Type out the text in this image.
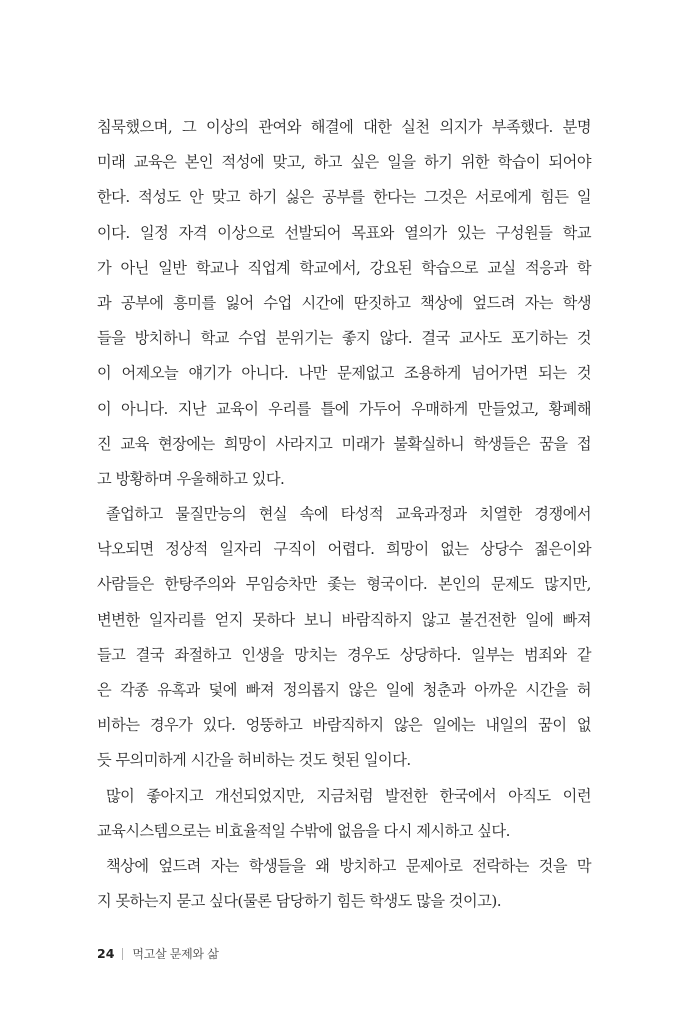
침묵했으며, 그 이상의 관여와 해결에 대한 실천 의지가 부족했다. 분명
미래 교육은 본인 적성에 맞고, 하고 싶은 일을 하기 위한 학습이 되어야
한다. 적성도 안 맞고 하기 싫은 공부를 한다는 그것은 서로에게 힘든 일
이다. 일정 자격 이상으로 선발되어 목표와 열의가 있는 구성원들 학교
가 아닌 일반 학교나 직업계 학교에서, 강요된 학습으로 교실 적응과 학
과 공부에 흥미를 잃어 수업 시간에 딴짓하고 책상에 엎드려 자는 학생
들을 방치하니 학교 수업 분위기는 좋지 않다. 결국 교사도 포기하는 것
이 어제오늘 얘기가 아니다. 나만 문제없고 조용하게 넘어가면 되는 것
이 아니다. 지난 교육이 우리를 틀에 가두어 우매하게 만들었고, 황폐해
진 교육 현장에는 희망이 사라지고 미래가 불확실하니 학생들은 꿈을 접
고 방황하며 우울해하고 있다.
졸업하고 물질만능의 현실 속에 타성적 교육과정과 치열한 경쟁에서
낙오되면 정상적 일자리 구직이 어렵다. 희망이 없는 상당수 젊은이와
사람들은 한탕주의와 무임승차만 좇는 형국이다. 본인의 문제도 많지만,
변변한 일자리를 얻지 못하다 보니 바람직하지 않고 불건전한 일에 빠져
들고 결국 좌절하고 인생을 망치는 경우도 상당하다. 일부는 범죄와 같
은 각종 유혹과 덫에 빠져 정의롭지 않은 일에 청춘과 아까운 시간을 허
비하는 경우가 있다. 엉뚱하고 바람직하지 않은 일에는 내일의 꿈이 없
듯 무의미하게 시간을 허비하는 것도 헛된 일이다.
많이 좋아지고 개선되었지만, 지금처럼 발전한 한국에서 아직도 이런
교육시스템으로는 비효율적일 수밖에 없음을 다시 제시하고 싶다.
책상에 엎드려 자는 학생들을 왜 방치하고 문제아로 전락하는 것을 막
지 못하는지 묻고 싶다(물론 담당하기 힘든 학생도 많을 것이고).
24 먹고살 문제와 삶
